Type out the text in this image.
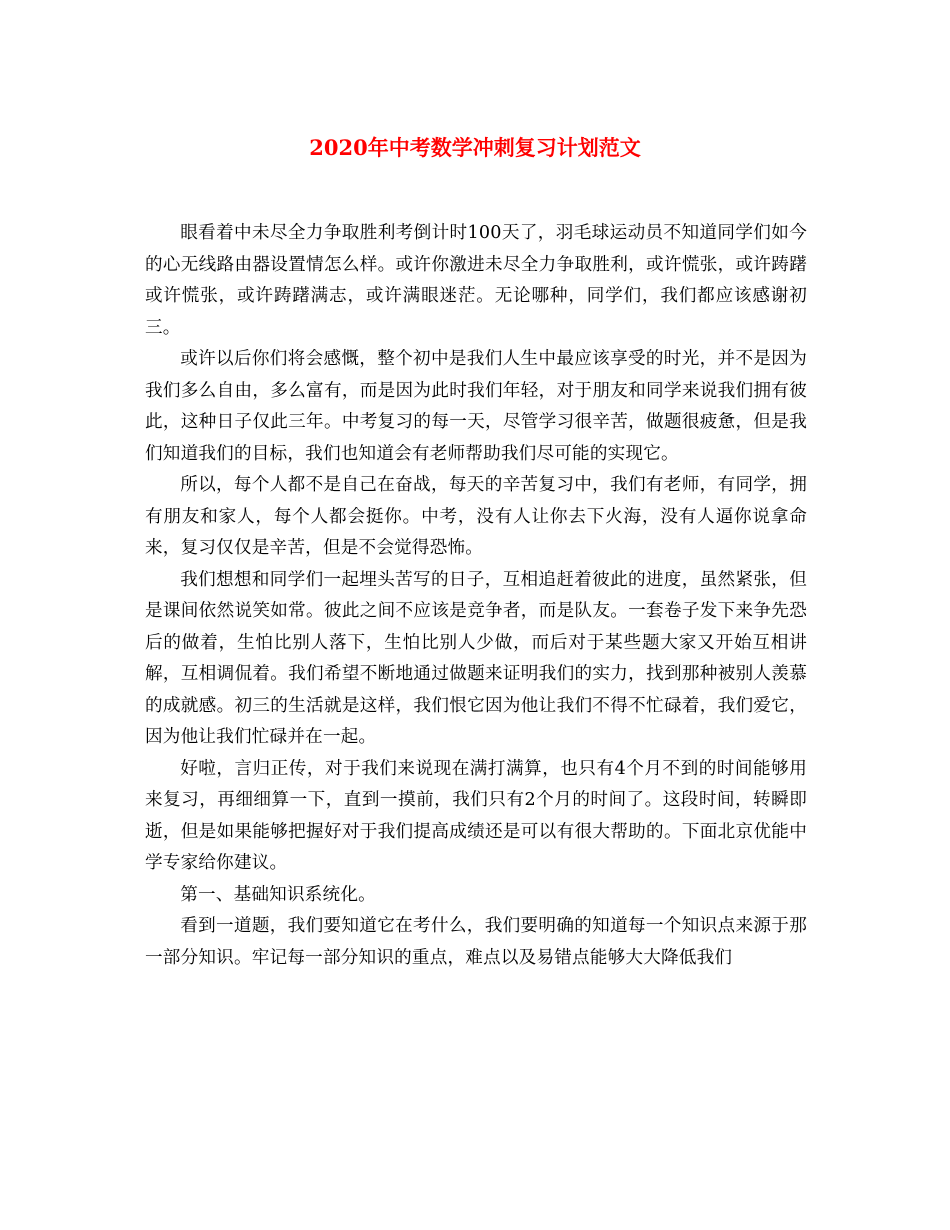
2020年中考数学冲刺复习计划范文

眼看着中未尽全力争取胜利考倒计时100天了，羽毛球运动员不知道同学们如今的心无线路由器设置情怎么样。或许你激进未尽全力争取胜利，或许慌张，或许踌躇或许慌张，或许踌躇满志，或许满眼迷茫。无论哪种，同学们，我们都应该感谢初三。

或许以后你们将会感慨，整个初中是我们人生中最应该享受的时光，并不是因为我们多么自由，多么富有，而是因为此时我们年轻，对于朋友和同学来说我们拥有彼此，这种日子仅此三年。中考复习的每一天，尽管学习很辛苦，做题很疲惫，但是我们知道我们的目标，我们也知道会有老师帮助我们尽可能的实现它。

所以，每个人都不是自己在奋战，每天的辛苦复习中，我们有老师，有同学，拥有朋友和家人，每个人都会挺你。中考，没有人让你去下火海，没有人逼你说拿命来，复习仅仅是辛苦，但是不会觉得恐怖。

我们想想和同学们一起埋头苦写的日子，互相追赶着彼此的进度，虽然紧张，但是课间依然说笑如常。彼此之间不应该是竞争者，而是队友。一套卷子发下来争先恐后的做着，生怕比别人落下，生怕比别人少做，而后对于某些题大家又开始互相讲解，互相调侃着。我们希望不断地通过做题来证明我们的实力，找到那种被别人羡慕的成就感。初三的生活就是这样，我们恨它因为他让我们不得不忙碌着，我们爱它，因为他让我们忙碌并在一起。

好啦，言归正传，对于我们来说现在满打满算，也只有4个月不到的时间能够用来复习，再细细算一下，直到一摸前，我们只有2个月的时间了。这段时间，转瞬即逝，但是如果能够把握好对于我们提高成绩还是可以有很大帮助的。下面北京优能中学专家给你建议。

第一、基础知识系统化。

看到一道题，我们要知道它在考什么，我们要明确的知道每一个知识点来源于那一部分知识。牢记每一部分知识的重点，难点以及易错点能够大大降低我们
